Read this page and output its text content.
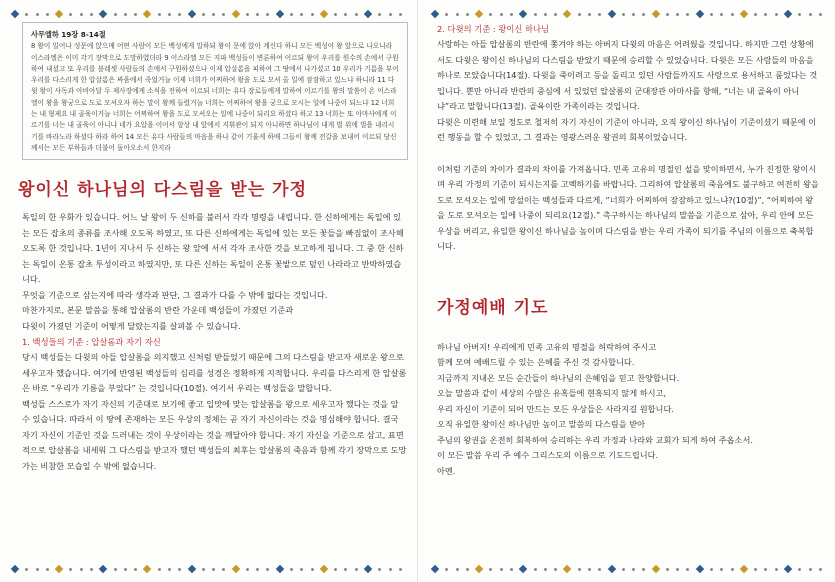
사무엘하 19장 8-14절
8 왕이 일어나 성문에 앉으매 어떤 사람이 모든 백성에게 말하되 왕이 문에 앉아 계신다 하니 모든 백성이 왕 앞으로 나오니라 이스라엘은 이미 각기 장막으로 도망하였더라 9 이스라엘 모든 지파 백성들이 변론하여 이르되 왕이 우리를 원수의 손에서 구원하여 내셨고 또 우리를 블레셋 사람들의 손에서 구원하셨으나 이제 압살롬을 피하여 그 땅에서 나가셨고 10 우리가 기름을 부어 우리를 다스리게 한 압살롬은 싸움에서 죽었거늘 이제 너희가 어찌하여 왕을 도로 모셔 올 일에 잠잠하고 있느냐 하니라 11 다윗 왕이 사독과 아비아달 두 제사장에게 소식을 전하여 이르되 너희는 유다 장로들에게 말하여 이르기를 왕의 말씀이 온 이스라엘이 왕을 왕궁으로 도로 모셔오자 하는 말이 왕께 들렸거늘 너희는 어찌하여 왕을 궁으로 모시는 일에 나중이 되느냐 12 너희는 내 형제요 내 골육이거늘 너희는 어찌하여 왕을 도로 모셔오는 일에 나중이 되리요 하셨다 하고 13 너희는 또 아마사에게 이르기를 너는 내 골육이 아니냐 네가 요압을 이어서 항상 내 앞에서 지휘관이 되지 아니하면 하나님이 내게 벌 위에 벌을 내리시기를 바라노라 하셨다 하라 하여 14 모든 유다 사람들의 마음을 하나 같이 기울게 하매 그들이 왕께 전갈을 보내어 이르되 당신께서는 모든 부하들과 더불어 돌아오소서 한지라
왕이신 하나님의 다스림을 받는 가정

독일의 한 우화가 있습니다. 어느 날 왕이 두 신하를 불러서 각각 명령을 내립니다. 한 신하에게는 독일에 있는 모든 잡초의 종류를 조사해 오도록 하였고, 또 다른 신하에게는 독일에 있는 모든 꽃들을 빠짐없이 조사해 오도록 한 것입니다. 1년이 지나서 두 신하는 왕 앞에 서서 각자 조사한 것을 보고하게 됩니다. 그 중 한 신하는 독일이 온통 잡초 투성이라고 하였지만, 또 다른 신하는 독일이 온통 꽃밭으로 덮인 나라라고 반박하였습니다.

무엇을 기준으로 삼는지에 따라 생각과 판단, 그 결과가 다를 수 밖에 없다는 것입니다.

마찬가지로, 본문 말씀을 통해 압살롬의 반란 가운데 백성들이 가졌던 기준과

다윗이 가졌던 기준이 어떻게 달랐는지를 살펴볼 수 있습니다.

1. 백성들의 기준 : 압살롬과 자기 자신

당시 백성들는 다윗의 아들 압살롬을 의지했고 신처럼 받들었기 때문에 그의 다스림을 받고자 새로운 왕으로 세우고자 했습니다. 여기에 반영된 백성들의 심리를 성경은 정확하게 지적합니다. 우리를 다스리게 한 압살롬은 바로 “우리가 기름을 부었다” 는 것입니다(10절). 여기서 우리는 백성들을 말합니다.

백성들 스스로가 자기 자신의 기준대로 보기에 좋고 입맛에 맞는 압살롬을 왕으로 세우고자 했다는 것을 알 수 있습니다. 따라서 이 땅에 존재하는 모든 우상의 정체는 곧 자기 자신이라는 것을 명심해야 합니다. 결국 자기 자신이 기준인 것을 드러내는 것이 우상이라는 것을 깨달아야 합니다. 자기 자신을 기준으로 삼고, 표면적으로 압살롬을 내세워 그 다스림을 받고자 했던 백성들의 최후는 압살롬의 죽음과 함께 각기 장막으로 도망가는 비참한 모습일 수 밖에 없습니다.

2. 다윗의 기준 : 왕이신 하나님

사랑하는 아들 압살롬의 반란에 쫓겨야 하는 아버지 다윗의 마음은 어려웠을 것입니다. 하지만 그런 상황에서도 다윗은 왕이신 하나님의 다스림을 받았기 때문에 승리할 수 있었습니다. 다윗은 모든 사람들의 마음을 하나로 모았습니다(14절). 다윗을 죽이려고 등을 돌리고 있던 사람들까지도 사랑으로 용서하고 품었다는 것입니다. 뿐만 아니라 반란의 중심에 서 있었던 압살롬의 군대장관 아마사를 향해, “너는 내 골육이 아니냐”라고 말합니다(13절). 골육이란 가족이라는 것입니다.

다윗은 미련해 보일 정도로 철저히 자기 자신이 기준이 아니라, 오직 왕이신 하나님이 기준이셨기 때문에 이런 행동을 할 수 있었고, 그 결과는 영광스러운 왕권의 회복이었습니다.

이처럼 기준의 차이가 결과의 차이를 가져옵니다. 민족 고유의 명절인 설을 맞이하면서, 누가 진정한 왕이시며 우리 가정의 기준이 되시는지를 고백하기를 바랍니다. 그리하여 압살롬의 죽음에도 불구하고 여전히 왕을 도로 모셔오는 일에 망설이는 백성들과 다르게, “너희가 어찌하여 잠잠하고 있느냐?(10절)”, “어찌하여 왕을 도로 모셔오는 일에 나중이 되리요(12절).” 촉구하시는 하나님의 말씀을 기준으로 삼아, 우리 안에 모든 우상을 버리고, 유일한 왕이신 하나님을 높이며 다스림을 받는 우리 가족이 되기를 주님의 이름으로 축복합니다.

가정예배 기도
하나님 아버지! 우리에게 민족 고유의 명절을 허락하여 주시고
함께 모여 예배드릴 수 있는 은혜를 주신 것 감사합니다.
지금까지 지내온 모든 순간들이 하나님의 은혜임을 믿고 찬양합니다.
오늘 말씀과 같이 세상의 수많은 유혹들에 현혹되지 않게 하시고,
우리 자신이 기준이 되어 만드는 모든 우상들은 사라지길 원합니다.
오직 유일한 왕이신 하나님만 높이고 말씀의 다스림을 받아
주님의 왕권을 온전히 회복하여 승리하는 우리 가정과 나라와 교회가 되게 하여 주옵소서.
이 모든 말씀 우리 주 예수 그리스도의 이름으로 기도드립니다.
아멘.
